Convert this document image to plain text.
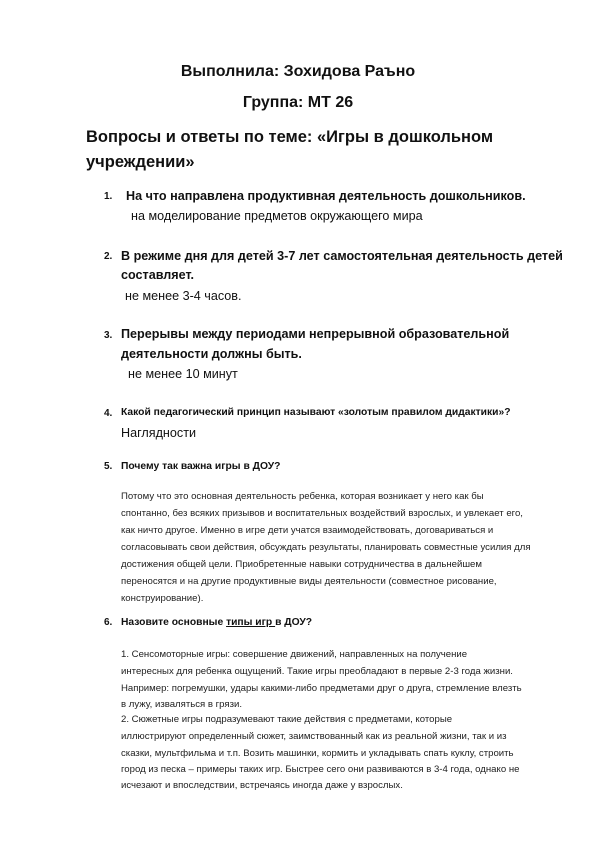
Выполнила: Зохидова Раъно
Группа: МТ 26
Вопросы и ответы по теме: «Игры в дошкольном
учреждении»
1. На что направлена продуктивная деятельность дошкольников.
на моделирование предметов окружающего мира
2. В режиме дня для детей 3-7 лет самостоятельная деятельность детей
составляет.
не менее 3-4 часов.
3. Перерывы между периодами непрерывной образовательной
деятельности должны быть.
не менее 10 минут
4. Какой педагогический принцип называют «золотым правилом дидактики»?
Наглядности
5. Почему так важна игры в ДОУ?
Потому что это основная деятельность ребенка, которая возникает у него как бы
спонтанно, без всяких призывов и воспитательных воздействий взрослых, и увлекает его,
как ничто другое. Именно в игре дети учатся взаимодействовать, договариваться и
согласовывать свои действия, обсуждать результаты, планировать совместные усилия для
достижения общей цели. Приобретенные навыки сотрудничества в дальнейшем
переносятся и на другие продуктивные виды деятельности (совместное рисование,
конструирование).
6. Назовите основные типы игр в ДОУ?
1. Сенсомоторные игры: совершение движений, направленных на получение
интересных для ребенка ощущений. Такие игры преобладают в первые 2-3 года жизни.
Например: погремушки, удары какими-либо предметами друг о друга, стремление влезть
в лужу, изваляться в грязи.
2. Сюжетные игры подразумевают такие действия с предметами, которые
иллюстрируют определенный сюжет, заимствованный как из реальной жизни, так и из
сказки, мультфильма и т.п. Возить машинки, кормить и укладывать спать куклу, строить
город из песка – примеры таких игр. Быстрее сего они развиваются в 3-4 года, однако не
исчезают и впоследствии, встречаясь иногда даже у взрослых.
